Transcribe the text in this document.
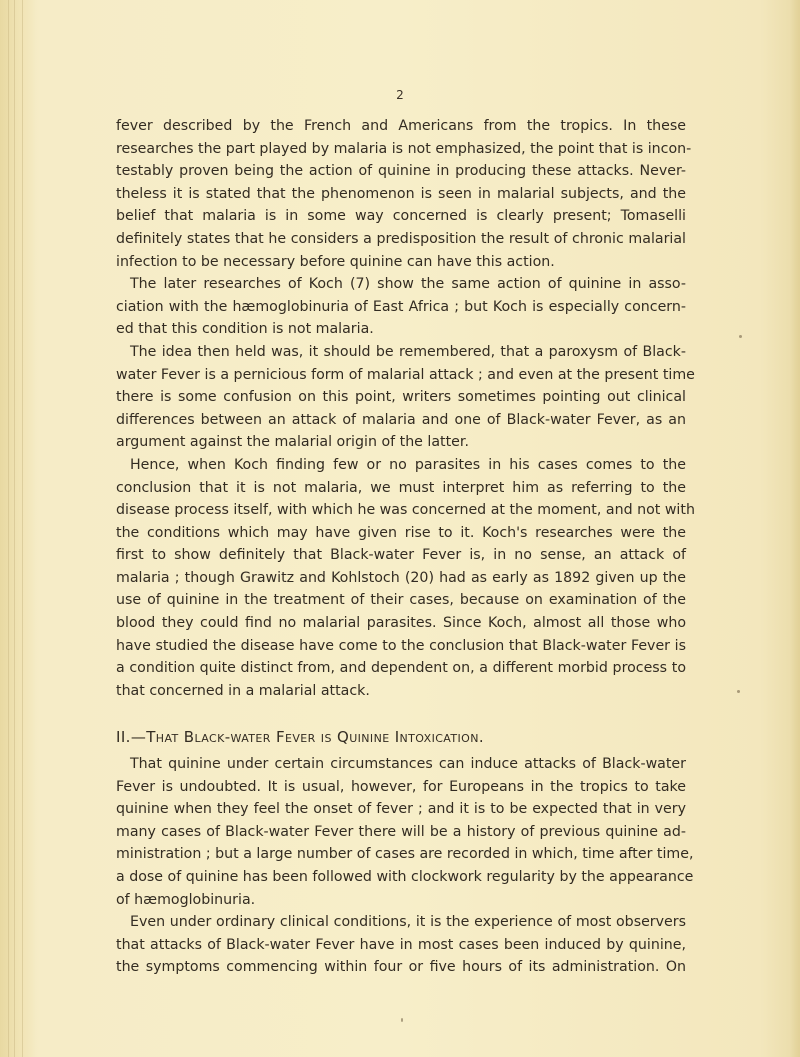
2
fever described by the French and Americans from the tropics. In these
researches the part played by malaria is not emphasized, the point that is incon-
testably proven being the action of quinine in producing these attacks. Never-
theless it is stated that the phenomenon is seen in malarial subjects, and the
belief that malaria is in some way concerned is clearly present; Tomaselli
definitely states that he considers a predisposition the result of chronic malarial
infection to be necessary before quinine can have this action.
The later researches of Koch (7) show the same action of quinine in asso-
ciation with the hæmoglobinuria of East Africa ; but Koch is especially concern-
ed that this condition is not malaria.
The idea then held was, it should be remembered, that a paroxysm of Black-
water Fever is a pernicious form of malarial attack ; and even at the present time
there is some confusion on this point, writers sometimes pointing out clinical
differences between an attack of malaria and one of Black-water Fever, as an
argument against the malarial origin of the latter.
Hence, when Koch finding few or no parasites in his cases comes to the
conclusion that it is not malaria, we must interpret him as referring to the
disease process itself, with which he was concerned at the moment, and not with
the conditions which may have given rise to it. Koch's researches were the
first to show definitely that Black-water Fever is, in no sense, an attack of
malaria ; though Grawitz and Kohlstoch (20) had as early as 1892 given up the
use of quinine in the treatment of their cases, because on examination of the
blood they could find no malarial parasites. Since Koch, almost all those who
have studied the disease have come to the conclusion that Black-water Fever is
a condition quite distinct from, and dependent on, a different morbid process to
that concerned in a malarial attack.
II.—That Black-water Fever is Quinine Intoxication.
That quinine under certain circumstances can induce attacks of Black-water
Fever is undoubted. It is usual, however, for Europeans in the tropics to take
quinine when they feel the onset of fever ; and it is to be expected that in very
many cases of Black-water Fever there will be a history of previous quinine ad-
ministration ; but a large number of cases are recorded in which, time after time,
a dose of quinine has been followed with clockwork regularity by the appearance
of hæmoglobinuria.
Even under ordinary clinical conditions, it is the experience of most observers
that attacks of Black-water Fever have in most cases been induced by quinine,
the symptoms commencing within four or five hours of its administration. On
